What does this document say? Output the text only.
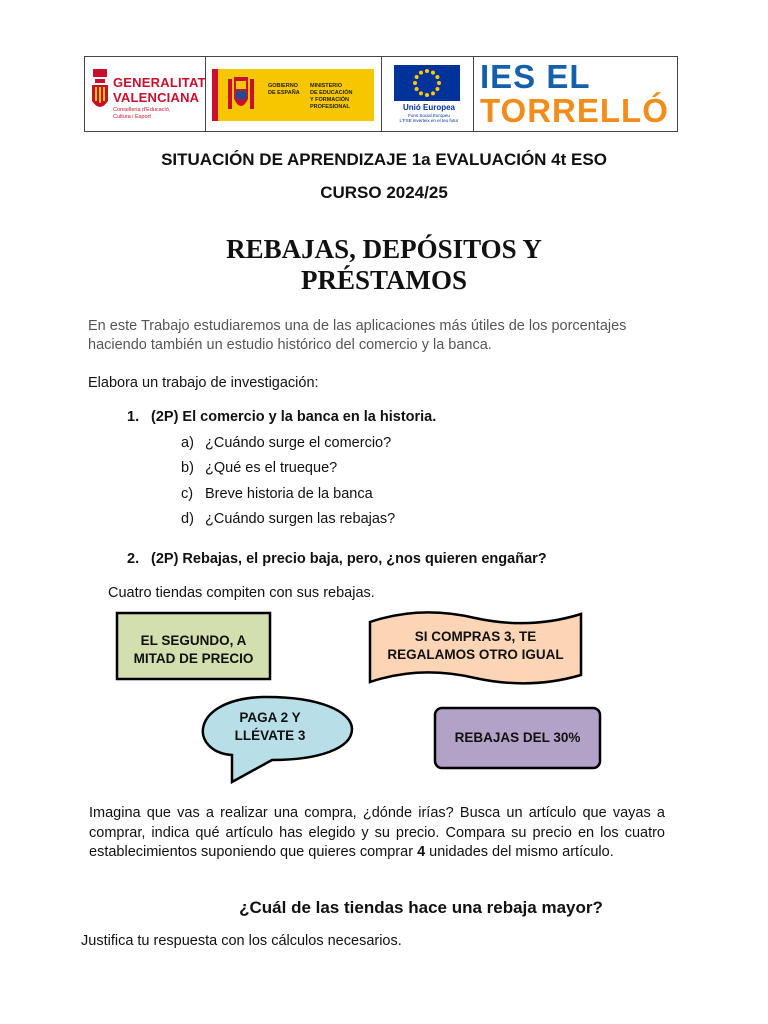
GENERALITAT
VALENCIANA
Conselleria d'Educació,
Cultura i Esport
GOBIERNO
DE ESPAÑA
MINISTERIO
DE EDUCACIÓN
Y FORMACIÓN PROFESIONAL	Unió Europea
Fons Social Europeu
L'FSE inverteix en el teu futur
IES EL
TORRELLÓ
SITUACIÓN DE APRENDIZAJE 1a EVALUACIÓN 4t ESO
CURSO 2024/25
REBAJAS, DEPÓSITOS Y
PRÉSTAMOS
En este Trabajo estudiaremos una de las aplicaciones más útiles de los porcentajes
haciendo también un estudio histórico del comercio y la banca.
Elabora un trabajo de investigación:
1. (2P) El comercio y la banca en la historia.
a) ¿Cuándo surge el comercio?
b) ¿Qué es el trueque?
c) Breve historia de la banca
d) ¿Cuándo surgen las rebajas?
2. (2P) Rebajas, el precio baja, pero, ¿nos quieren engañar?
Cuatro tiendas compiten con sus rebajas.
EL SEGUNDO, A
MITAD DE PRECIO
SI COMPRAS 3, TE
REGALAMOS OTRO IGUAL
PAGA 2 Y
LLÉVATE 3	REBAJAS DEL 30%
Imagina que vas a realizar una compra, ¿dónde irías? Busca un artículo que vayas a comprar, indica qué artículo has elegido y su precio. Compara su precio en los cuatro establecimientos suponiendo que quieres comprar 4 unidades del mismo artículo.
¿Cuál de las tiendas hace una rebaja mayor?
Justifica tu respuesta con los cálculos necesarios.
